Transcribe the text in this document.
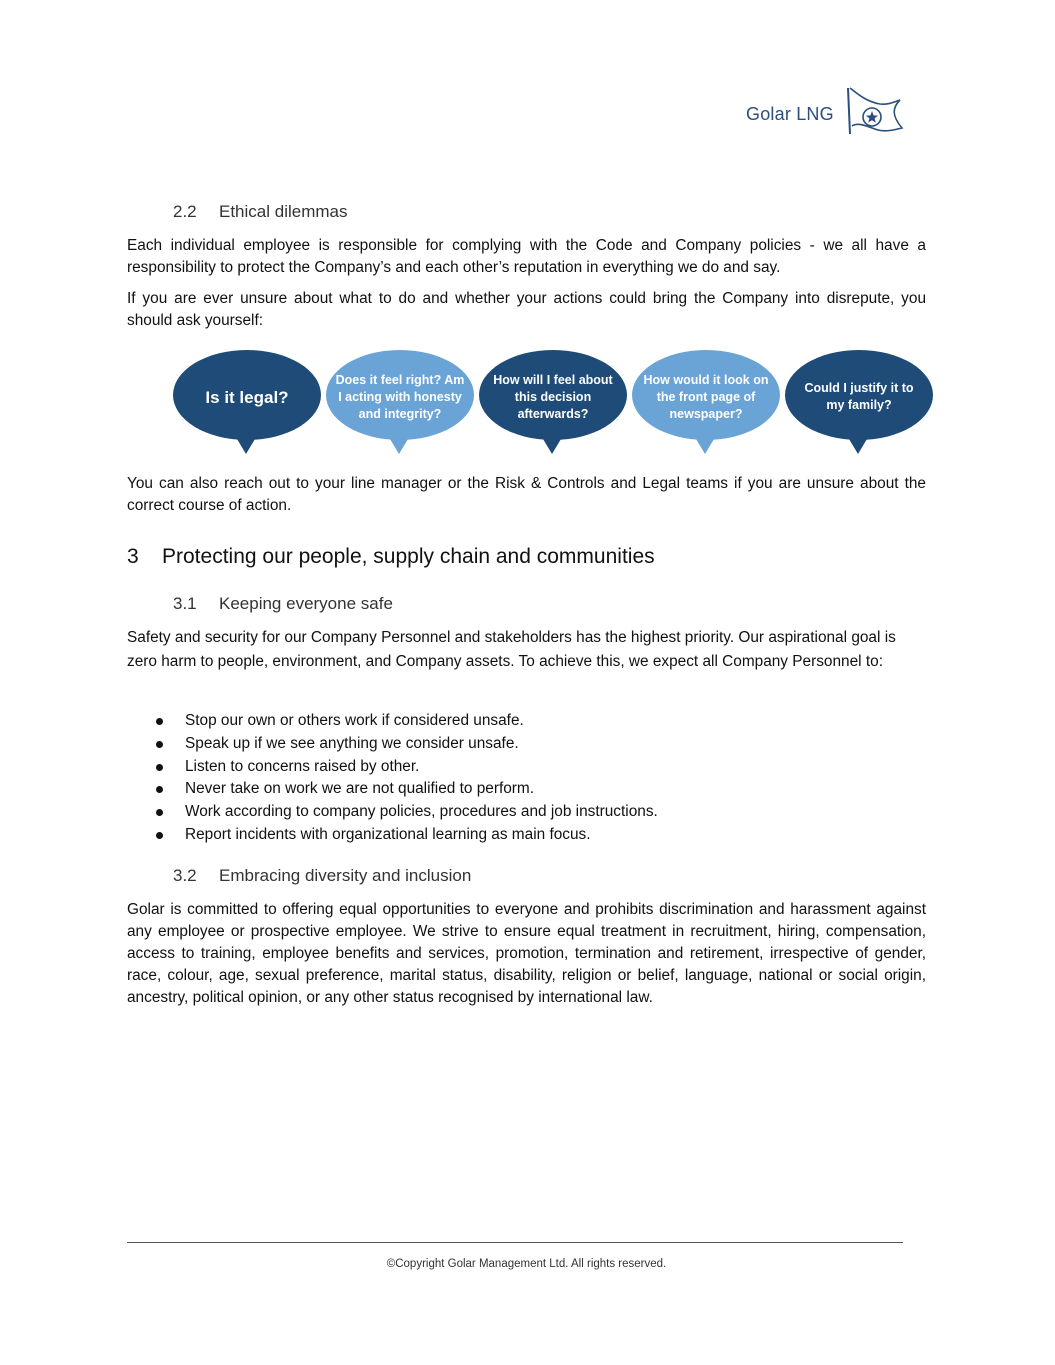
Golar LNG
2.2 Ethical dilemmas

Each individual employee is responsible for complying with the Code and Company policies - we all have a responsibility to protect the Company’s and each other’s reputation in everything we do and say.

If you are ever unsure about what to do and whether your actions could bring the Company into disrepute, you should ask yourself:

Is it legal?
Does it feel right? Am I acting with honesty and integrity?
How will I feel about this decision afterwards?
How would it look on the front page of newspaper?
Could I justify it to my family?

You can also reach out to your line manager or the Risk & Controls and Legal teams if you are unsure about the correct course of action.

3 Protecting our people, supply chain and communities
3.1 Keeping everyone safe

Safety and security for our Company Personnel and stakeholders has the highest priority. Our aspirational goal is zero harm to people, environment, and Company assets. To achieve this, we expect all Company Personnel to:

Stop our own or others work if considered unsafe.
Speak up if we see anything we consider unsafe.
Listen to concerns raised by other.
Never take on work we are not qualified to perform.
Work according to company policies, procedures and job instructions.
Report incidents with organizational learning as main focus.
3.2 Embracing diversity and inclusion

Golar is committed to offering equal opportunities to everyone and prohibits discrimination and harassment against any employee or prospective employee. We strive to ensure equal treatment in recruitment, hiring, compensation, access to training, employee benefits and services, promotion, termination and retirement, irrespective of gender, race, colour, age, sexual preference, marital status, disability, religion or belief, language, national or social origin, ancestry, political opinion, or any other status recognised by international law.

©Copyright Golar Management Ltd. All rights reserved.
